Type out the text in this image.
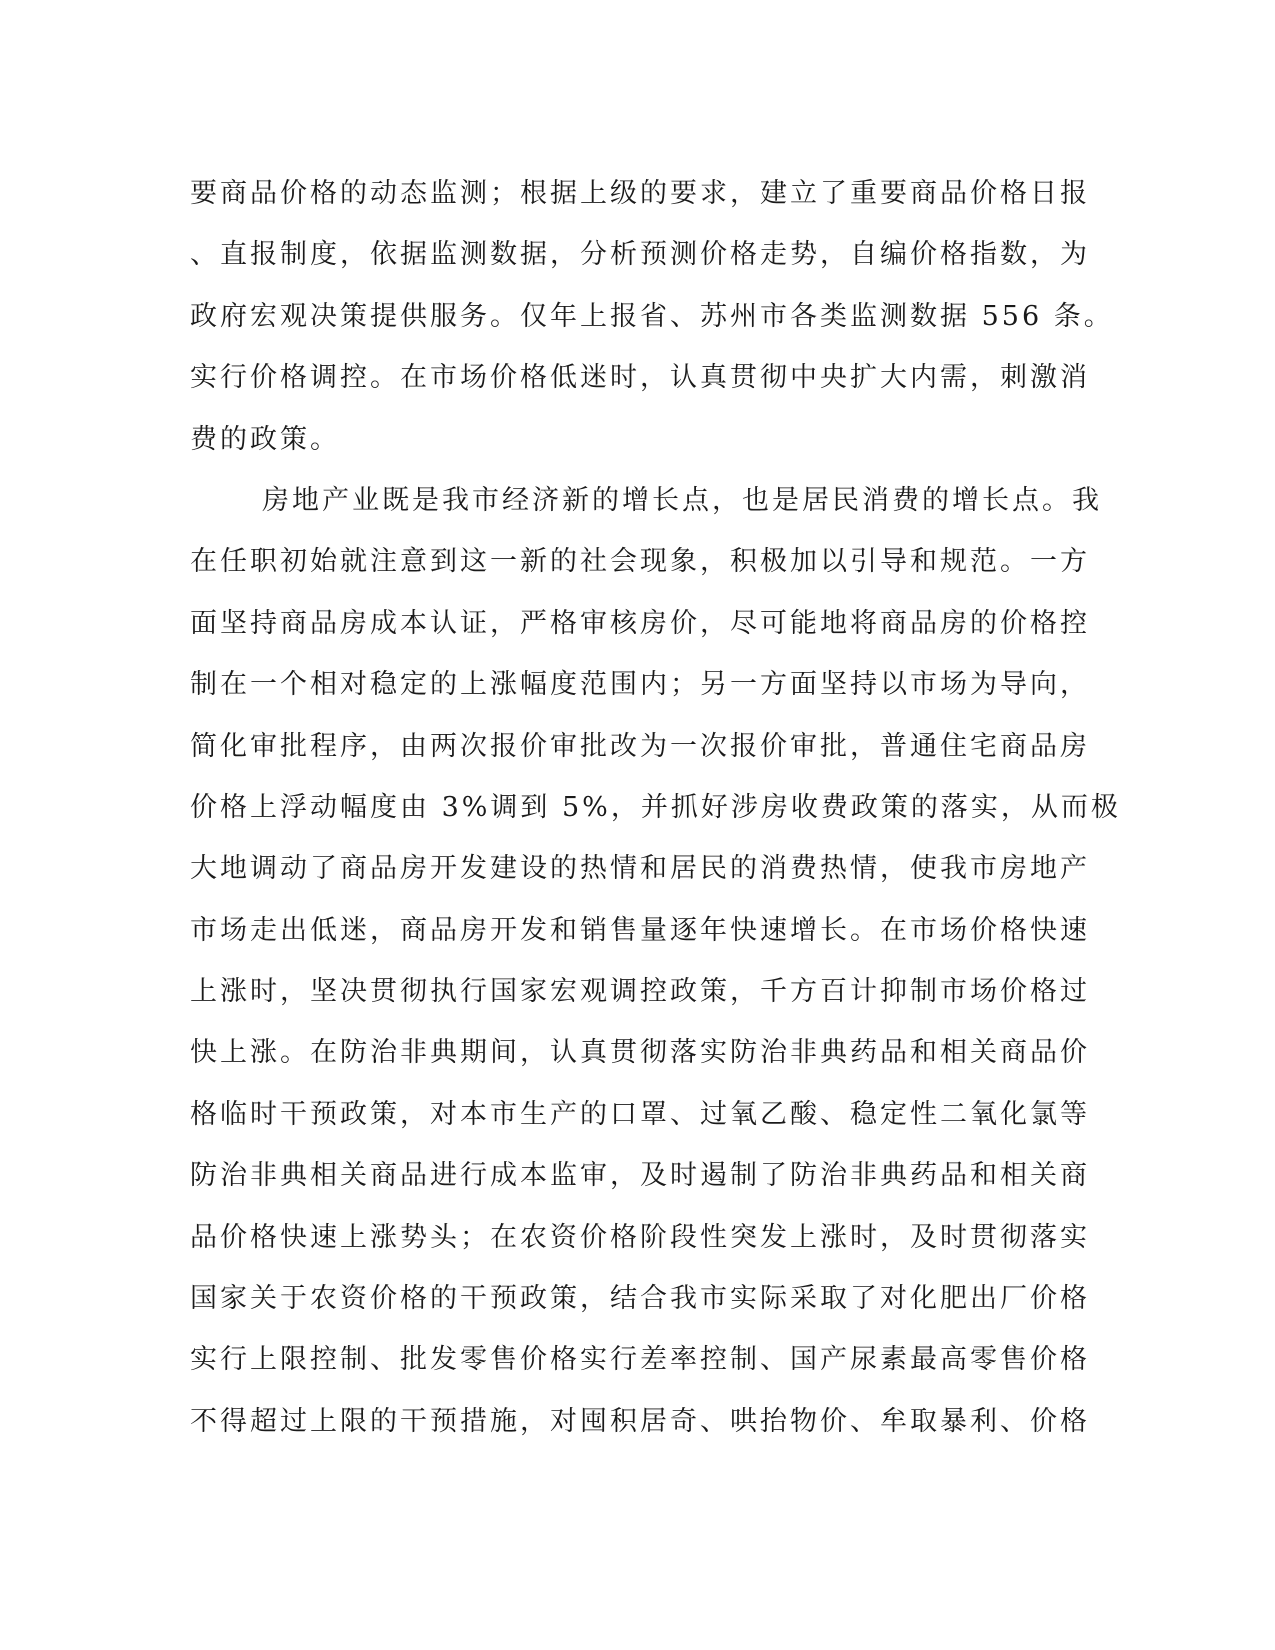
要商品价格的动态监测；根据上级的要求，建立了重要商品价格日报
、直报制度，依据监测数据，分析预测价格走势，自编价格指数，为
政府宏观决策提供服务。仅年上报省、苏州市各类监测数据 556 条。
实行价格调控。在市场价格低迷时，认真贯彻中央扩大内需，刺激消
费的政策。
房地产业既是我市经济新的增长点，也是居民消费的增长点。我
在任职初始就注意到这一新的社会现象，积极加以引导和规范。一方
面坚持商品房成本认证，严格审核房价，尽可能地将商品房的价格控
制在一个相对稳定的上涨幅度范围内；另一方面坚持以市场为导向，
简化审批程序，由两次报价审批改为一次报价审批，普通住宅商品房
价格上浮动幅度由 3%调到 5%，并抓好涉房收费政策的落实，从而极
大地调动了商品房开发建设的热情和居民的消费热情，使我市房地产
市场走出低迷，商品房开发和销售量逐年快速增长。在市场价格快速
上涨时，坚决贯彻执行国家宏观调控政策，千方百计抑制市场价格过
快上涨。在防治非典期间，认真贯彻落实防治非典药品和相关商品价
格临时干预政策，对本市生产的口罩、过氧乙酸、稳定性二氧化氯等
防治非典相关商品进行成本监审，及时遏制了防治非典药品和相关商
品价格快速上涨势头；在农资价格阶段性突发上涨时，及时贯彻落实
国家关于农资价格的干预政策，结合我市实际采取了对化肥出厂价格
实行上限控制、批发零售价格实行差率控制、国产尿素最高零售价格
不得超过上限的干预措施，对囤积居奇、哄抬物价、牟取暴利、价格
